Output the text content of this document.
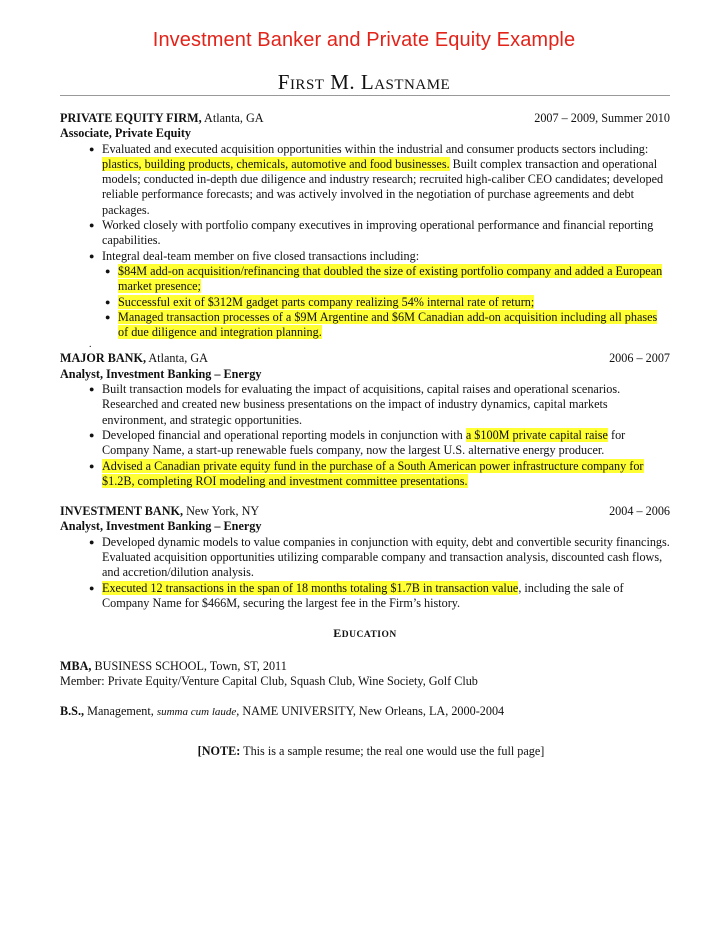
Investment Banker and Private Equity Example
FIRST M. LASTNAME
PRIVATE EQUITY FIRM, Atlanta, GA	2007 – 2009, Summer 2010
Associate, Private Equity
● Evaluated and executed acquisition opportunities within the industrial and consumer products sectors including: plastics, building products, chemicals, automotive and food businesses. Built complex transaction and operational models; conducted in-depth due diligence and industry research; recruited high-caliber CEO candidates; developed reliable performance forecasts; and was actively involved in the negotiation of purchase agreements and debt packages.
● Worked closely with portfolio company executives in improving operational performance and financial reporting capabilities.
● Integral deal-team member on five closed transactions including:
● $84M add-on acquisition/refinancing that doubled the size of existing portfolio company and added a European market presence;
● Successful exit of $312M gadget parts company realizing 54% internal rate of return;
● Managed transaction processes of a $9M Argentine and $6M Canadian add-on acquisition including all phases of due diligence and integration planning.
.
MAJOR BANK, Atlanta, GA	2006 – 2007
Analyst, Investment Banking – Energy
● Built transaction models for evaluating the impact of acquisitions, capital raises and operational scenarios. Researched and created new business presentations on the impact of industry dynamics, capital markets environment, and strategic opportunities.
● Developed financial and operational reporting models in conjunction with a $100M private capital raise for Company Name, a start-up renewable fuels company, now the largest U.S. alternative energy producer.
● Advised a Canadian private equity fund in the purchase of a South American power infrastructure company for $1.2B, completing ROI modeling and investment committee presentations.
INVESTMENT BANK, New York, NY	2004 – 2006
Analyst, Investment Banking – Energy
● Developed dynamic models to value companies in conjunction with equity, debt and convertible security financings. Evaluated acquisition opportunities utilizing comparable company and transaction analysis, discounted cash flows, and accretion/dilution analysis.
● Executed 12 transactions in the span of 18 months totaling $1.7B in transaction value, including the sale of Company Name for $466M, securing the largest fee in the Firm’s history.
EDUCATION
MBA, BUSINESS SCHOOL, Town, ST, 2011
Member: Private Equity/Venture Capital Club, Squash Club, Wine Society, Golf Club
B.S., Management, summa cum laude, NAME UNIVERSITY, New Orleans, LA, 2000-2004
[NOTE: This is a sample resume; the real one would use the full page]
